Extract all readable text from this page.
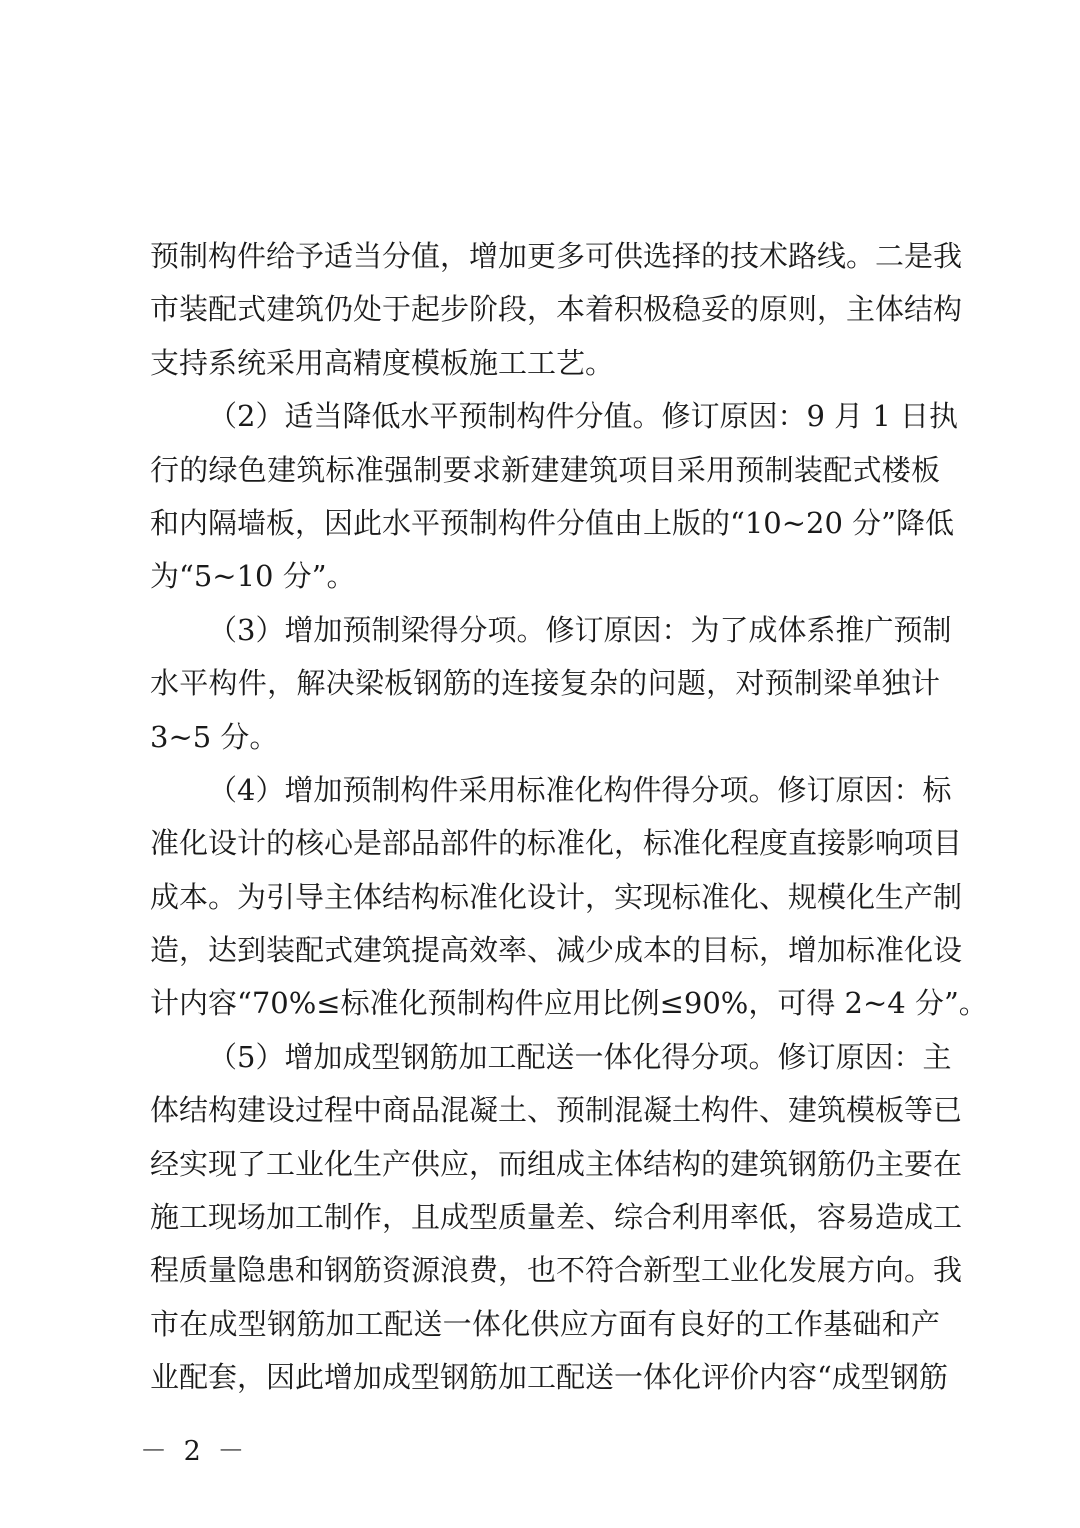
预制构件给予适当分值，增加更多可供选择的技术路线。二是我
市装配式建筑仍处于起步阶段，本着积极稳妥的原则，主体结构
支持系统采用高精度模板施工工艺。
（2）适当降低水平预制构件分值。修订原因：9 月 1 日执
行的绿色建筑标准强制要求新建建筑项目采用预制装配式楼板
和内隔墙板，因此水平预制构件分值由上版的“10~20 分”降低
为“5~10 分”。
（3）增加预制梁得分项。修订原因：为了成体系推广预制
水平构件，解决梁板钢筋的连接复杂的问题，对预制梁单独计
3~5 分。
（4）增加预制构件采用标准化构件得分项。修订原因：标
准化设计的核心是部品部件的标准化，标准化程度直接影响项目
成本。为引导主体结构标准化设计，实现标准化、规模化生产制
造，达到装配式建筑提高效率、减少成本的目标，增加标准化设
计内容“70%≤标准化预制构件应用比例≤90%，可得 2~4 分”。
（5）增加成型钢筋加工配送一体化得分项。修订原因：主
体结构建设过程中商品混凝土、预制混凝土构件、建筑模板等已
经实现了工业化生产供应，而组成主体结构的建筑钢筋仍主要在
施工现场加工制作，且成型质量差、综合利用率低，容易造成工
程质量隐患和钢筋资源浪费，也不符合新型工业化发展方向。我
市在成型钢筋加工配送一体化供应方面有良好的工作基础和产
业配套，因此增加成型钢筋加工配送一体化评价内容“成型钢筋
－ 2 －
